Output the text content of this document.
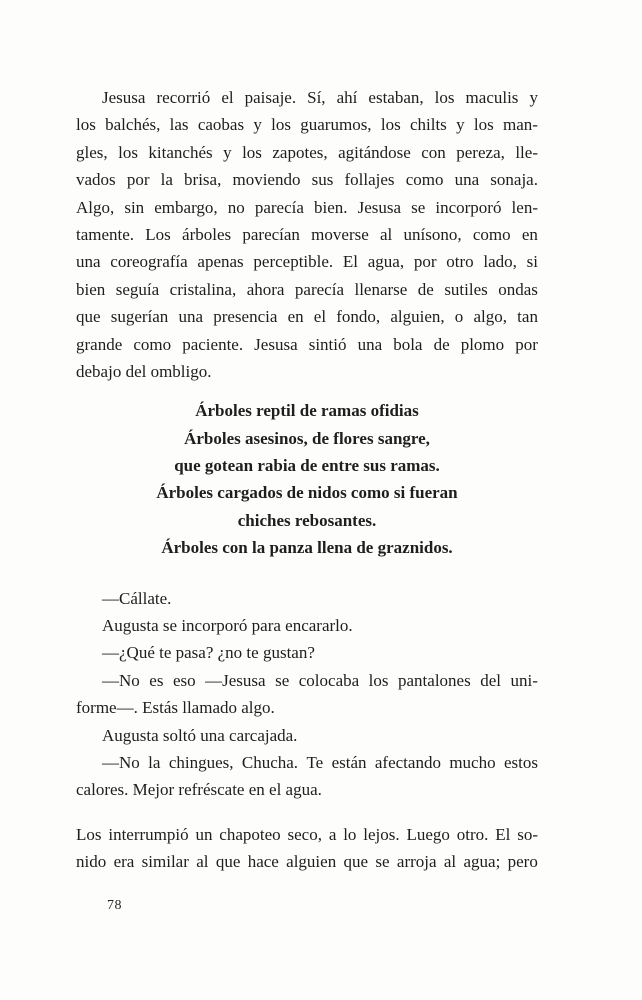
Jesusa recorrió el paisaje. Sí, ahí estaban, los maculis y
los balchés, las caobas y los guarumos, los chilts y los man-
gles, los kitanchés y los zapotes, agitándose con pereza, lle-
vados por la brisa, moviendo sus follajes como una sonaja.
Algo, sin embargo, no parecía bien. Jesusa se incorporó len-
tamente. Los árboles parecían moverse al unísono, como en
una coreografía apenas perceptible. El agua, por otro lado, si
bien seguía cristalina, ahora parecía llenarse de sutiles ondas
que sugerían una presencia en el fondo, alguien, o algo, tan
grande como paciente. Jesusa sintió una bola de plomo por
debajo del ombligo.
Árboles reptil de ramas ofidias
Árboles asesinos, de flores sangre,
que gotean rabia de entre sus ramas.
Árboles cargados de nidos como si fueran
chiches rebosantes.
Árboles con la panza llena de graznidos.
—Cállate.
Augusta se incorporó para encararlo.
—¿Qué te pasa? ¿no te gustan?
—No es eso —Jesusa se colocaba los pantalones del uni-
forme—. Estás llamado algo.
Augusta soltó una carcajada.
—No la chingues, Chucha. Te están afectando mucho estos
calores. Mejor refréscate en el agua.
Los interrumpió un chapoteo seco, a lo lejos. Luego otro. El so-
nido era similar al que hace alguien que se arroja al agua; pero
78
